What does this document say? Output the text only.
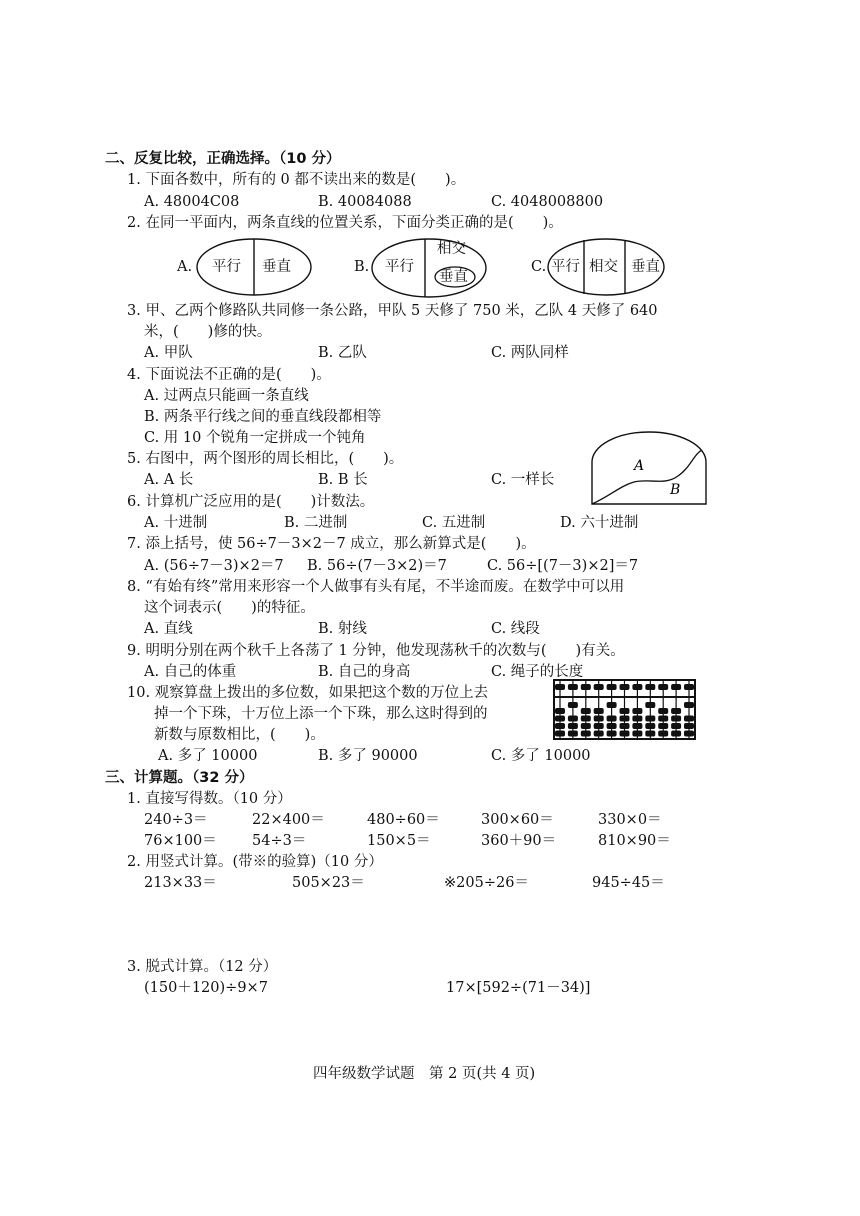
二、反复比较，正确选择。（10 分）
1. 下面各数中，所有的 0 都不读出来的数是(　　)。
A. 48004C08	B. 40084088	C. 4048008800
2. 在同一平面内，两条直线的位置关系，下面分类正确的是(　　)。
A. 平行 垂直	B. 平行
相交
垂直
C. 平行 相交 垂直
3. 甲、乙两个修路队共同修一条公路，甲队 5 天修了 750 米，乙队 4 天修了 640
米，(　　)修的快。
A. 甲队	B. 乙队	C. 两队同样
4. 下面说法不正确的是(　　)。
A. 过两点只能画一条直线
B. 两条平行线之间的垂直线段都相等
C. 用 10 个锐角一定拼成一个钝角
5. 右图中，两个图形的周长相比，(　　)。
A. A 长	B. B 长	C. 一样长
A
B
6. 计算机广泛应用的是(　　)计数法。
A. 十进制	B. 二进制	C. 五进制	D. 六十进制
7. 添上括号，使 56÷7－3×2－7 成立，那么新算式是(　　)。
A. (56÷7－3)×2＝7 B. 56÷(7－3×2)＝7	C. 56÷[(7－3)×2]＝7
8. “有始有终”常用来形容一个人做事有头有尾，不半途而废。在数学中可以用
这个词表示(　　)的特征。
A. 直线	B. 射线	C. 线段
9. 明明分别在两个秋千上各荡了 1 分钟，他发现荡秋千的次数与(　　)有关。
A. 自己的体重	B. 自己的身高	C. 绳子的长度
10. 观察算盘上拨出的多位数，如果把这个数的万位上去
掉一个下珠，十万位上添一个下珠，那么这时得到的
新数与原数相比，(　　)。
A. 多了 10000	B. 多了 90000	C. 多了 10000
三、计算题。（32 分）
1. 直接写得数。（10 分）
240÷3＝	22×400＝	480÷60＝	300×60＝	330×0＝
76×100＝ 54÷3＝	150×5＝	360＋90＝	810×90＝
2. 用竖式计算。(带※的验算)（10 分）
213×33＝	505×23＝	※205÷26＝	945÷45＝
3. 脱式计算。（12 分）
(150＋120)÷9×7	17×[592÷(71－34)]
四年级数学试题　第 2 页(共 4 页)
